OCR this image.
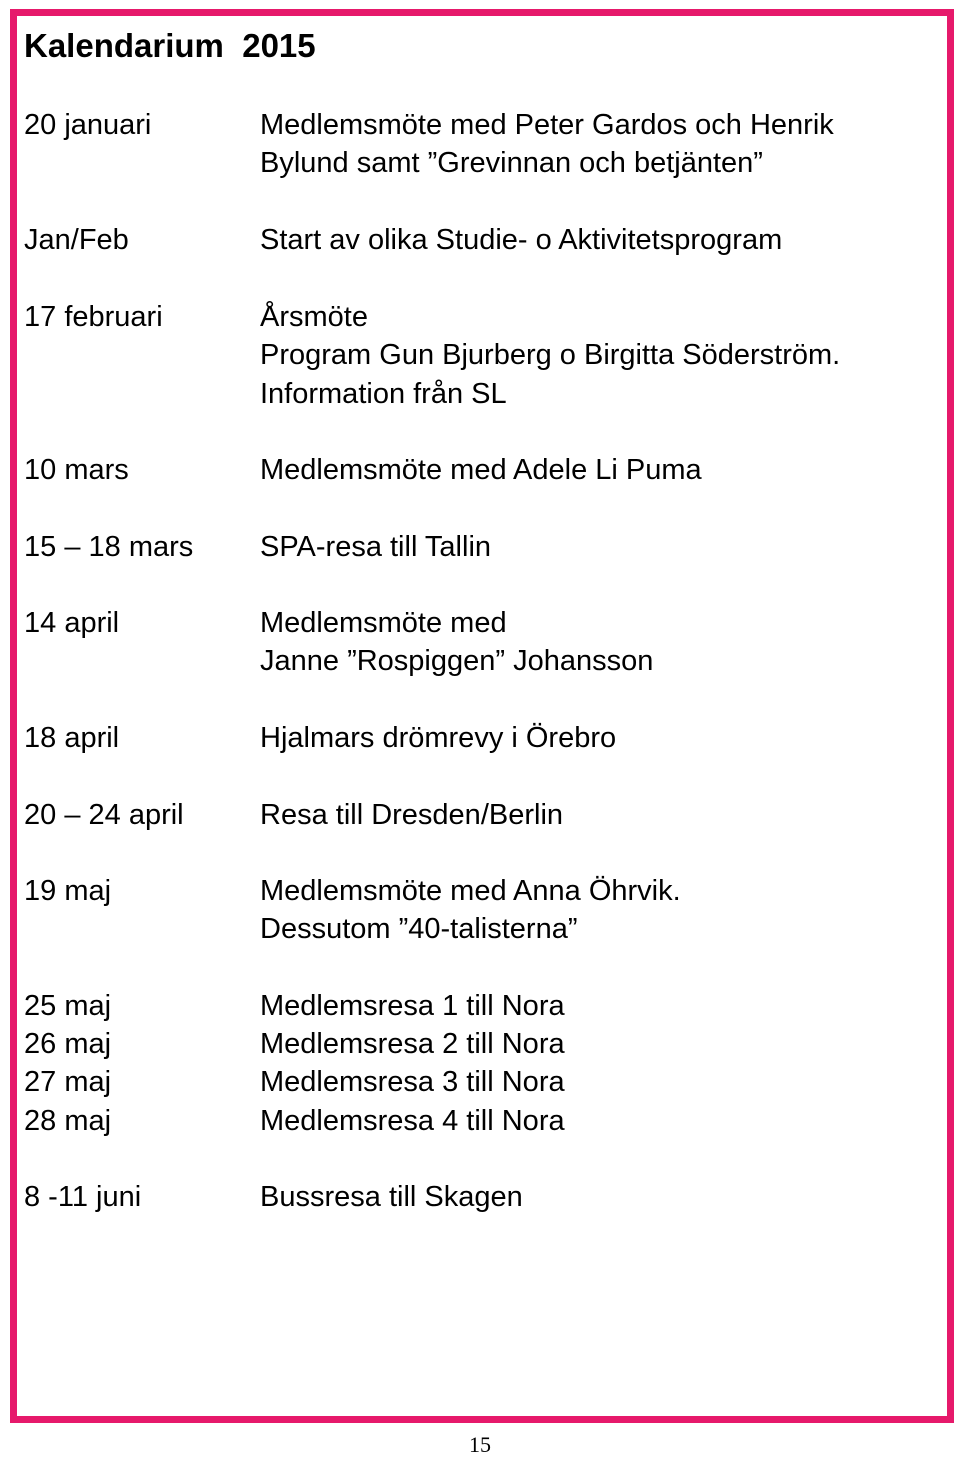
Kalendarium  2015
20 januari	Medlemsmöte med Peter Gardos och Henrik
Bylund samt ”Grevinnan och betjänten”
Jan/Feb	Start av olika Studie- o Aktivitetsprogram
17 februari	Årsmöte
Program Gun Bjurberg o Birgitta Söderström.
Information från SL
10 mars	Medlemsmöte med Adele Li Puma
15 – 18 mars SPA-resa till Tallin
14 april	Medlemsmöte med
Janne ”Rospiggen” Johansson
18 april	Hjalmars drömrevy i Örebro
20 – 24 april	Resa till Dresden/Berlin
19 maj	Medlemsmöte med Anna Öhrvik.
Dessutom ”40-talisterna”
25 maj	Medlemsresa 1 till Nora
26 maj	Medlemsresa 2 till Nora
27 maj	Medlemsresa 3 till Nora
28 maj	Medlemsresa 4 till Nora
8 -11 juni	Bussresa till Skagen
15
